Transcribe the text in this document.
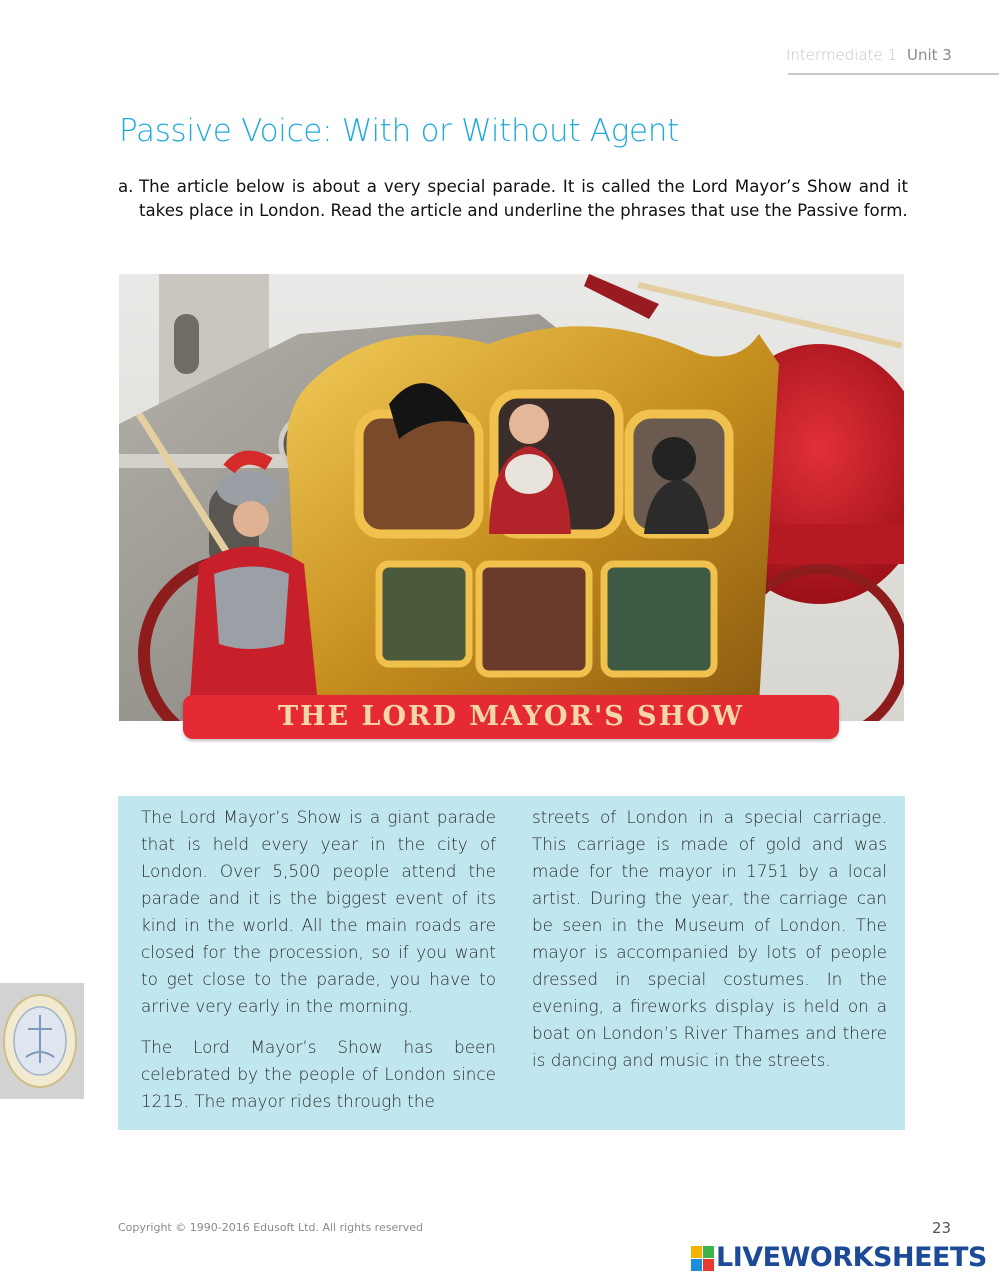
Intermediate 1 Unit 3
Passive Voice: With or Without Agent
a. The article below is about a very special parade. It is called the Lord Mayor’s Show and it takes place in London. Read the article and underline the phrases that use the Passive form.
THE LORD MAYOR'S SHOW

The Lord Mayor’s Show is a giant parade that is held every year in the city of London. Over 5,500 people attend the parade and it is the biggest event of its kind in the world. All the main roads are closed for the procession, so if you want to get close to the parade, you have to arrive very early in the morning.

The Lord Mayor’s Show has been celebrated by the people of London since 1215. The mayor rides through the

streets of London in a special carriage. This carriage is made of gold and was made for the mayor in 1751 by a local artist. During the year, the carriage can be seen in the Museum of London. The mayor is accompanied by lots of people dressed in special costumes. In the evening, a fireworks display is held on a boat on London’s River Thames and there is dancing and music in the streets.

Copyright © 1990-2016 Edusoft Ltd. All rights reserved	23
LIVEWORKSHEETS
